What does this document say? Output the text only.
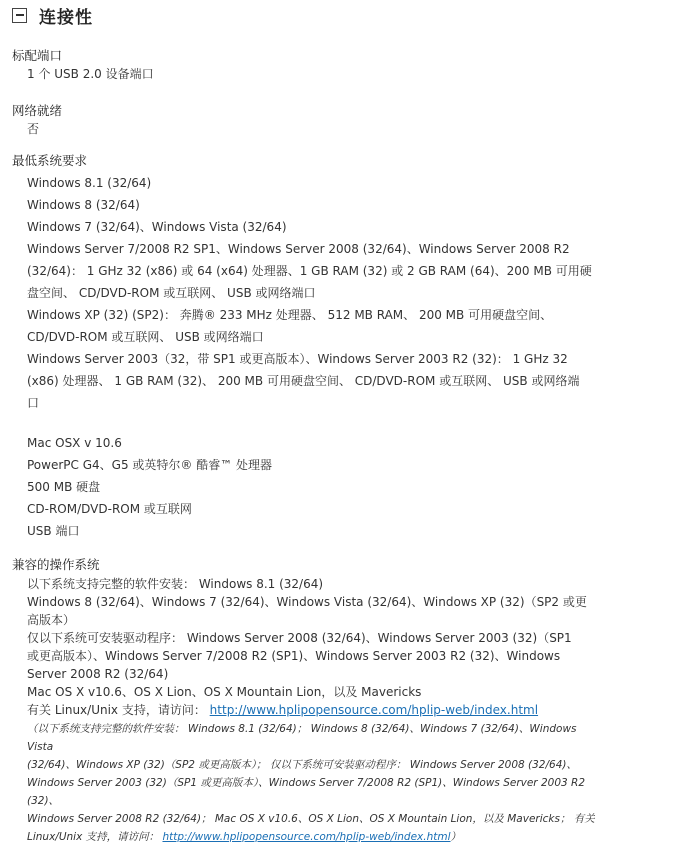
连接性
标配端口
1 个 USB 2.0 设备端口
网络就绪
否
最低系统要求

Windows 8.1 (32/64)

Windows 8 (32/64)

Windows 7 (32/64)、Windows Vista (32/64)

Windows Server 7/2008 R2 SP1、Windows Server 2008 (32/64)、Windows Server 2008 R2

(32/64)： 1 GHz 32 (x86) 或 64 (x64) 处理器、1 GB RAM (32) 或 2 GB RAM (64)、200 MB 可用硬

盘空间、 CD/DVD-ROM 或互联网、 USB 或网络端口

Windows XP (32) (SP2)： 奔腾® 233 MHz 处理器、 512 MB RAM、 200 MB 可用硬盘空间、

CD/DVD-ROM 或互联网、 USB 或网络端口

Windows Server 2003（32，带 SP1 或更高版本）、Windows Server 2003 R2 (32)： 1 GHz 32

(x86) 处理器、 1 GB RAM (32)、 200 MB 可用硬盘空间、 CD/DVD-ROM 或互联网、 USB 或网络端

口

Mac OSX v 10.6

PowerPC G4、G5 或英特尔® 酷睿™ 处理器

500 MB 硬盘

CD-ROM/DVD-ROM 或互联网

USB 端口

兼容的操作系统

以下系统支持完整的软件安装： Windows 8.1 (32/64)

Windows 8 (32/64)、Windows 7 (32/64)、Windows Vista (32/64)、Windows XP (32)（SP2 或更

高版本）

仅以下系统可安装驱动程序： Windows Server 2008 (32/64)、Windows Server 2003 (32)（SP1

或更高版本）、Windows Server 7/2008 R2 (SP1)、Windows Server 2003 R2 (32)、Windows

Server 2008 R2 (32/64)

Mac OS X v10.6、OS X Lion、OS X Mountain Lion，以及 Mavericks

有关 Linux/Unix 支持，请访问： http://www.hplipopensource.com/hplip-web/index.html

（以下系统支持完整的软件安装： Windows 8.1 (32/64)； Windows 8 (32/64)、Windows 7 (32/64)、Windows Vista
(32/64)、Windows XP (32)（SP2 或更高版本）； 仅以下系统可安装驱动程序： Windows Server 2008 (32/64)、
Windows Server 2003 (32)（SP1 或更高版本）、Windows Server 7/2008 R2 (SP1)、Windows Server 2003 R2 (32)、
Windows Server 2008 R2 (32/64)； Mac OS X v10.6、OS X Lion、OS X Mountain Lion，以及 Mavericks； 有关
Linux/Unix 支持，请访问： http://www.hplipopensource.com/hplip-web/index.html）
